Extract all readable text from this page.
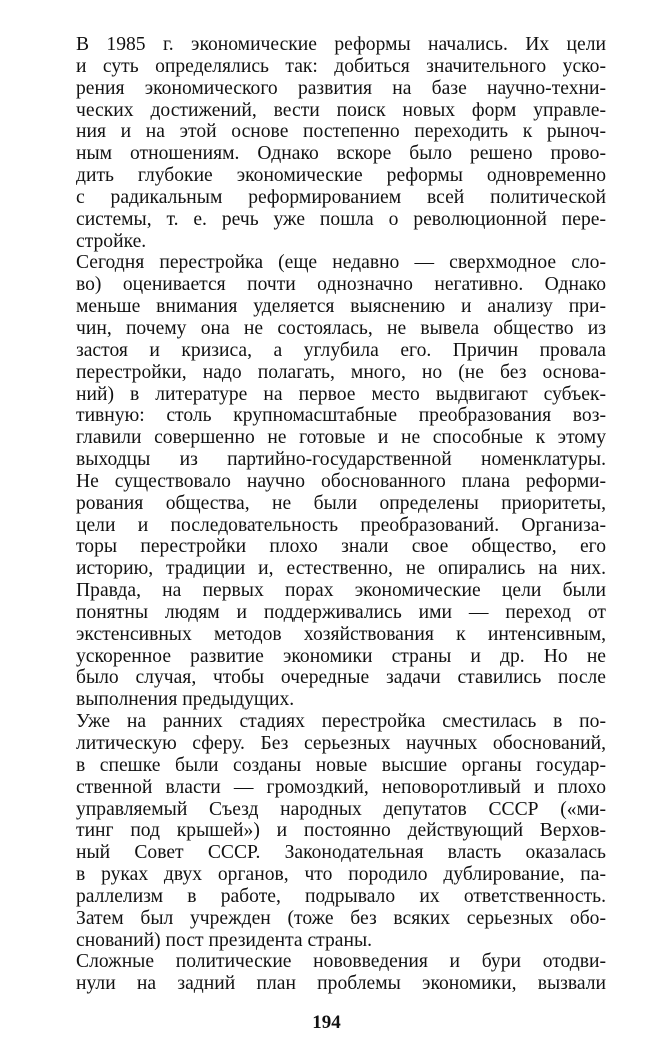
В 1985 г. экономические реформы начались. Их цели
и суть определялись так: добиться значительного уско-
рения экономического развития на базе научно-техни-
ческих достижений, вести поиск новых форм управле-
ния и на этой основе постепенно переходить к рыноч-
ным отношениям. Однако вскоре было решено прово-
дить глубокие экономические реформы одновременно
с радикальным реформированием всей политической
системы, т. е. речь уже пошла о революционной пере-
стройке.

Сегодня перестройка (еще недавно — сверхмодное сло-
во) оценивается почти однозначно негативно. Однако
меньше внимания уделяется выяснению и анализу при-
чин, почему она не состоялась, не вывела общество из
застоя и кризиса, а углубила его. Причин провала
перестройки, надо полагать, много, но (не без основа-
ний) в литературе на первое место выдвигают субъек-
тивную: столь крупномасштабные преобразования воз-
главили совершенно не готовые и не способные к этому
выходцы из партийно-государственной номенклатуры.
Не существовало научно обоснованного плана реформи-
рования общества, не были определены приоритеты,
цели и последовательность преобразований. Организа-
торы перестройки плохо знали свое общество, его
историю, традиции и, естественно, не опирались на них.
Правда, на первых порах экономические цели были
понятны людям и поддерживались ими — переход от
экстенсивных методов хозяйствования к интенсивным,
ускоренное развитие экономики страны и др. Но не
было случая, чтобы очередные задачи ставились после
выполнения предыдущих.

Уже на ранних стадиях перестройка сместилась в по-
литическую сферу. Без серьезных научных обоснований,
в спешке были созданы новые высшие органы государ-
ственной власти — громоздкий, неповоротливый и плохо
управляемый Съезд народных депутатов СССР («ми-
тинг под крышей») и постоянно действующий Верхов-
ный Совет СССР. Законодательная власть оказалась
в руках двух органов, что породило дублирование, па-
раллелизм в работе, подрывало их ответственность.
Затем был учрежден (тоже без всяких серьезных обо-
снований) пост президента страны.

Сложные политические нововведения и бури отодви-
нули на задний план проблемы экономики, вызвали

194
